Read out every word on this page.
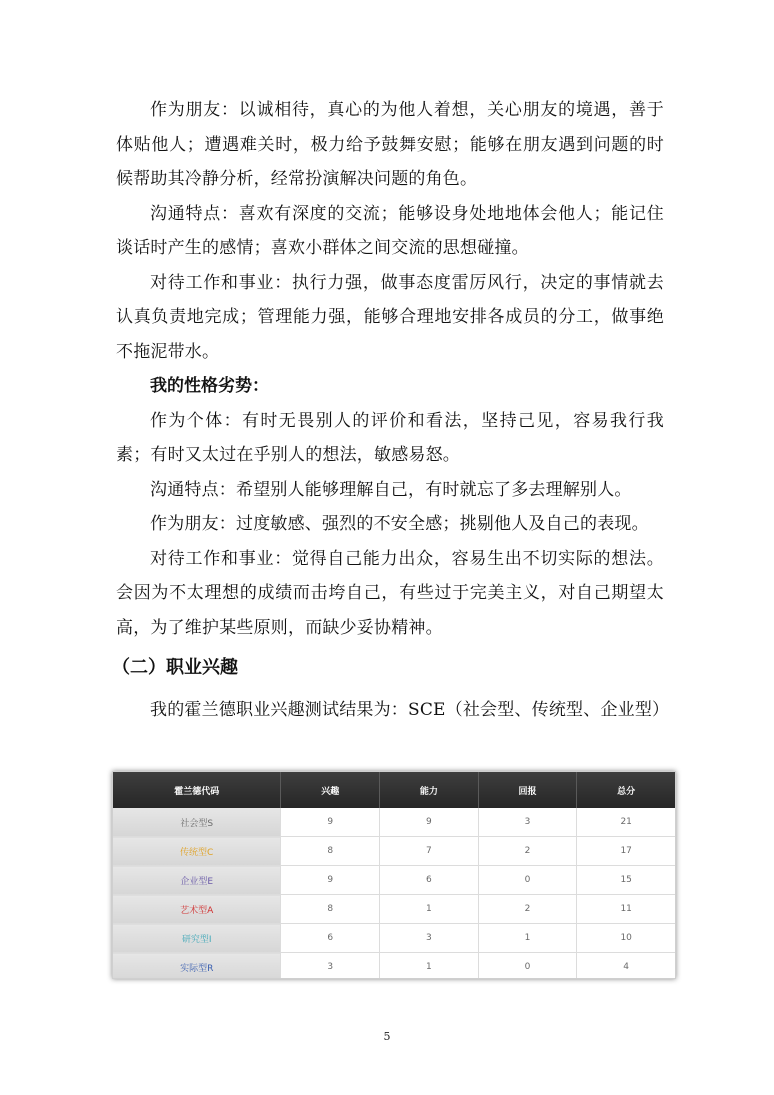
作为朋友：以诚相待，真心的为他人着想，关心朋友的境遇，善于体贴他人；遭遇难关时，极力给予鼓舞安慰；能够在朋友遇到问题的时候帮助其冷静分析，经常扮演解决问题的角色。

沟通特点：喜欢有深度的交流；能够设身处地地体会他人；能记住谈话时产生的感情；喜欢小群体之间交流的思想碰撞。

对待工作和事业：执行力强，做事态度雷厉风行，决定的事情就去认真负责地完成；管理能力强，能够合理地安排各成员的分工，做事绝不拖泥带水。

我的性格劣势：

作为个体：有时无畏别人的评价和看法，坚持己见，容易我行我素；有时又太过在乎别人的想法，敏感易怒。

沟通特点：希望别人能够理解自己，有时就忘了多去理解别人。

作为朋友：过度敏感、强烈的不安全感；挑剔他人及自己的表现。

对待工作和事业：觉得自己能力出众，容易生出不切实际的想法。会因为不太理想的成绩而击垮自己，有些过于完美主义，对自己期望太高，为了维护某些原则，而缺少妥协精神。

（二）职业兴趣

我的霍兰德职业兴趣测试结果为：SCE（社会型、传统型、企业型）

霍兰德代码	兴趣	能力	回报	总分
社会型S	9	9	3	21
传统型C	8	7	2	17
企业型E	9	6	0	15
艺术型A	8	1	2	11
研究型I	6	3	1	10
实际型R	3	1	0	4
5
